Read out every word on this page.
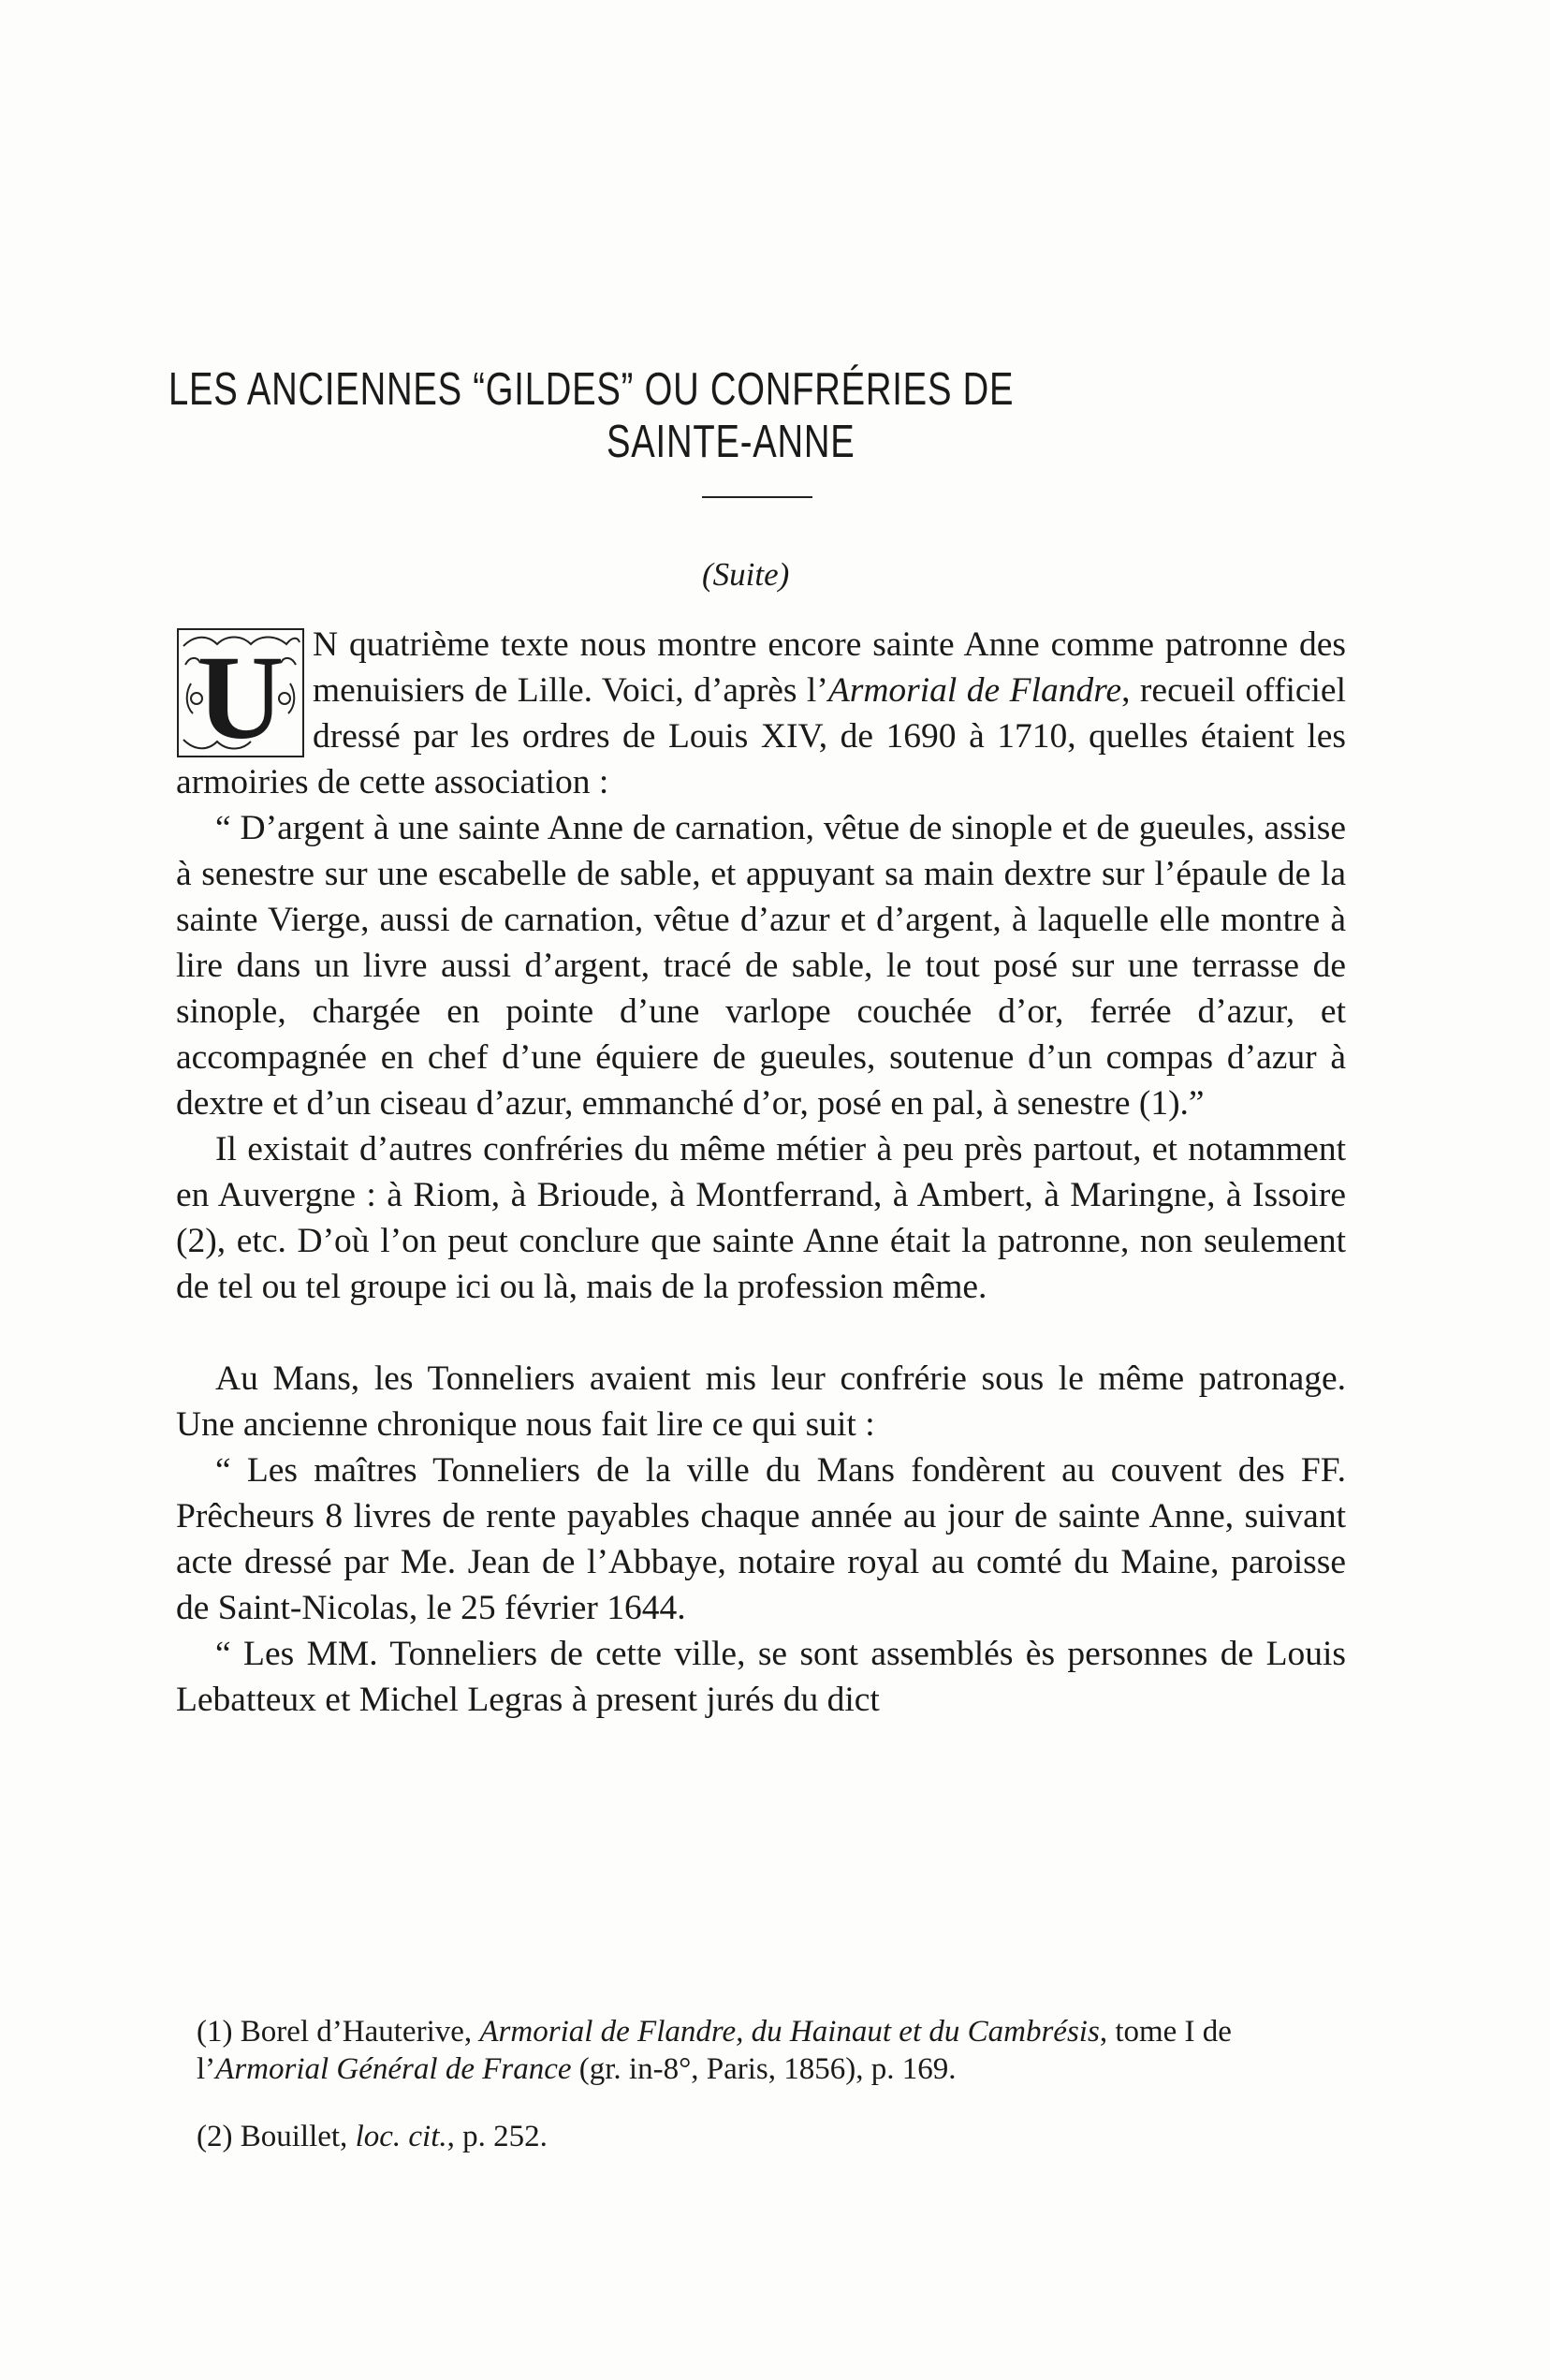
LES ANCIENNES “GILDES” OU CONFRÉRIES DE
SAINTE-ANNE
(Suite)

U N quatrième texte nous montre encore sainte Anne comme patronne des menuisiers de Lille. Voici, d’après l’Armorial de Flandre, recueil officiel dressé par les ordres de Louis XIV, de 1690 à 1710, quelles étaient les armoiries de cette association :

“ D’argent à une sainte Anne de carnation, vêtue de sinople et de gueules, assise à senestre sur une escabelle de sable, et appuyant sa main dextre sur l’épaule de la sainte Vierge, aussi de carnation, vêtue d’azur et d’argent, à laquelle elle montre à lire dans un livre aussi d’argent, tracé de sable, le tout posé sur une terrasse de sinople, chargée en pointe d’une varlope couchée d’or, ferrée d’azur, et accompagnée en chef d’une équiere de gueules, soutenue d’un compas d’azur à dextre et d’un ciseau d’azur, emmanché d’or, posé en pal, à senestre (1).”

Il existait d’autres confréries du même métier à peu près partout, et notamment en Auvergne : à Riom, à Brioude, à Montferrand, à Ambert, à Maringne, à Issoire (2), etc. D’où l’on peut conclure que sainte Anne était la patronne, non seulement de tel ou tel groupe ici ou là, mais de la profession même.

Au Mans, les Tonneliers avaient mis leur confrérie sous le même patronage. Une ancienne chronique nous fait lire ce qui suit :

“ Les maîtres Tonneliers de la ville du Mans fondèrent au couvent des FF. Prêcheurs 8 livres de rente payables chaque année au jour de sainte Anne, suivant acte dressé par Me. Jean de l’Abbaye, notaire royal au comté du Maine, paroisse de Saint-Nicolas, le 25 février 1644.

“ Les MM. Tonneliers de cette ville, se sont assemblés ès personnes de Louis Lebatteux et Michel Legras à present jurés du dict

(1) Borel d’Hauterive, Armorial de Flandre, du Hainaut et du Cambrésis, tome I de l’Armorial Général de France (gr. in-8°, Paris, 1856), p. 169.

(2) Bouillet, loc. cit., p. 252.
